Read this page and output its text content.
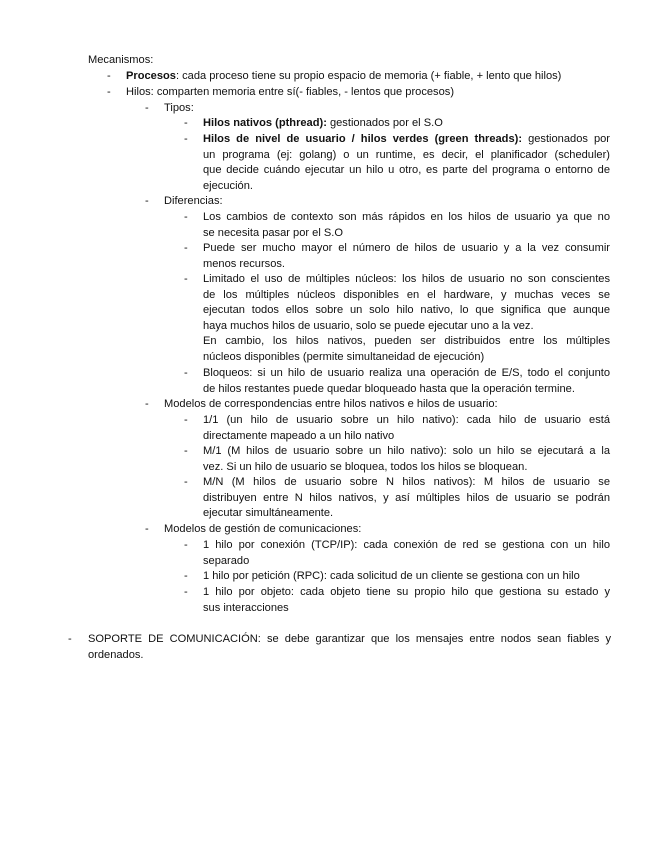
Mecanismos:
- Procesos: cada proceso tiene su propio espacio de memoria (+ fiable, + lento que hilos)
- Hilos: comparten memoria entre sí(- fiables, - lentos que procesos)
- Tipos:
- Hilos nativos (pthread): gestionados por el S.O
- Hilos de nivel de usuario / hilos verdes (green threads): gestionados por
un programa (ej: golang) o un runtime, es decir, el planificador (scheduler)
que decide cuándo ejecutar un hilo u otro, es parte del programa o entorno de
ejecución.
- Diferencias:
- Los cambios de contexto son más rápidos en los hilos de usuario ya que no
se necesita pasar por el S.O
- Puede ser mucho mayor el número de hilos de usuario y a la vez consumir
menos recursos.
- Limitado el uso de múltiples núcleos: los hilos de usuario no son conscientes
de los múltiples núcleos disponibles en el hardware, y muchas veces se
ejecutan todos ellos sobre un solo hilo nativo, lo que significa que aunque
haya muchos hilos de usuario, solo se puede ejecutar uno a la vez.
En cambio, los hilos nativos, pueden ser distribuidos entre los múltiples
núcleos disponibles (permite simultaneidad de ejecución)
- Bloqueos: si un hilo de usuario realiza una operación de E/S, todo el conjunto
de hilos restantes puede quedar bloqueado hasta que la operación termine.
- Modelos de correspondencias entre hilos nativos e hilos de usuario:
- 1/1 (un hilo de usuario sobre un hilo nativo): cada hilo de usuario está
directamente mapeado a un hilo nativo
- M/1 (M hilos de usuario sobre un hilo nativo): solo un hilo se ejecutará a la
vez. Si un hilo de usuario se bloquea, todos los hilos se bloquean.
- M/N (M hilos de usuario sobre N hilos nativos): M hilos de usuario se
distribuyen entre N hilos nativos, y así múltiples hilos de usuario se podrán
ejecutar simultáneamente.
- Modelos de gestión de comunicaciones:
- 1 hilo por conexión (TCP/IP): cada conexión de red se gestiona con un hilo
separado
- 1 hilo por petición (RPC): cada solicitud de un cliente se gestiona con un hilo
- 1 hilo por objeto: cada objeto tiene su propio hilo que gestiona su estado y
sus interacciones
- SOPORTE DE COMUNICACIÓN: se debe garantizar que los mensajes entre nodos sean fiables y
ordenados.
